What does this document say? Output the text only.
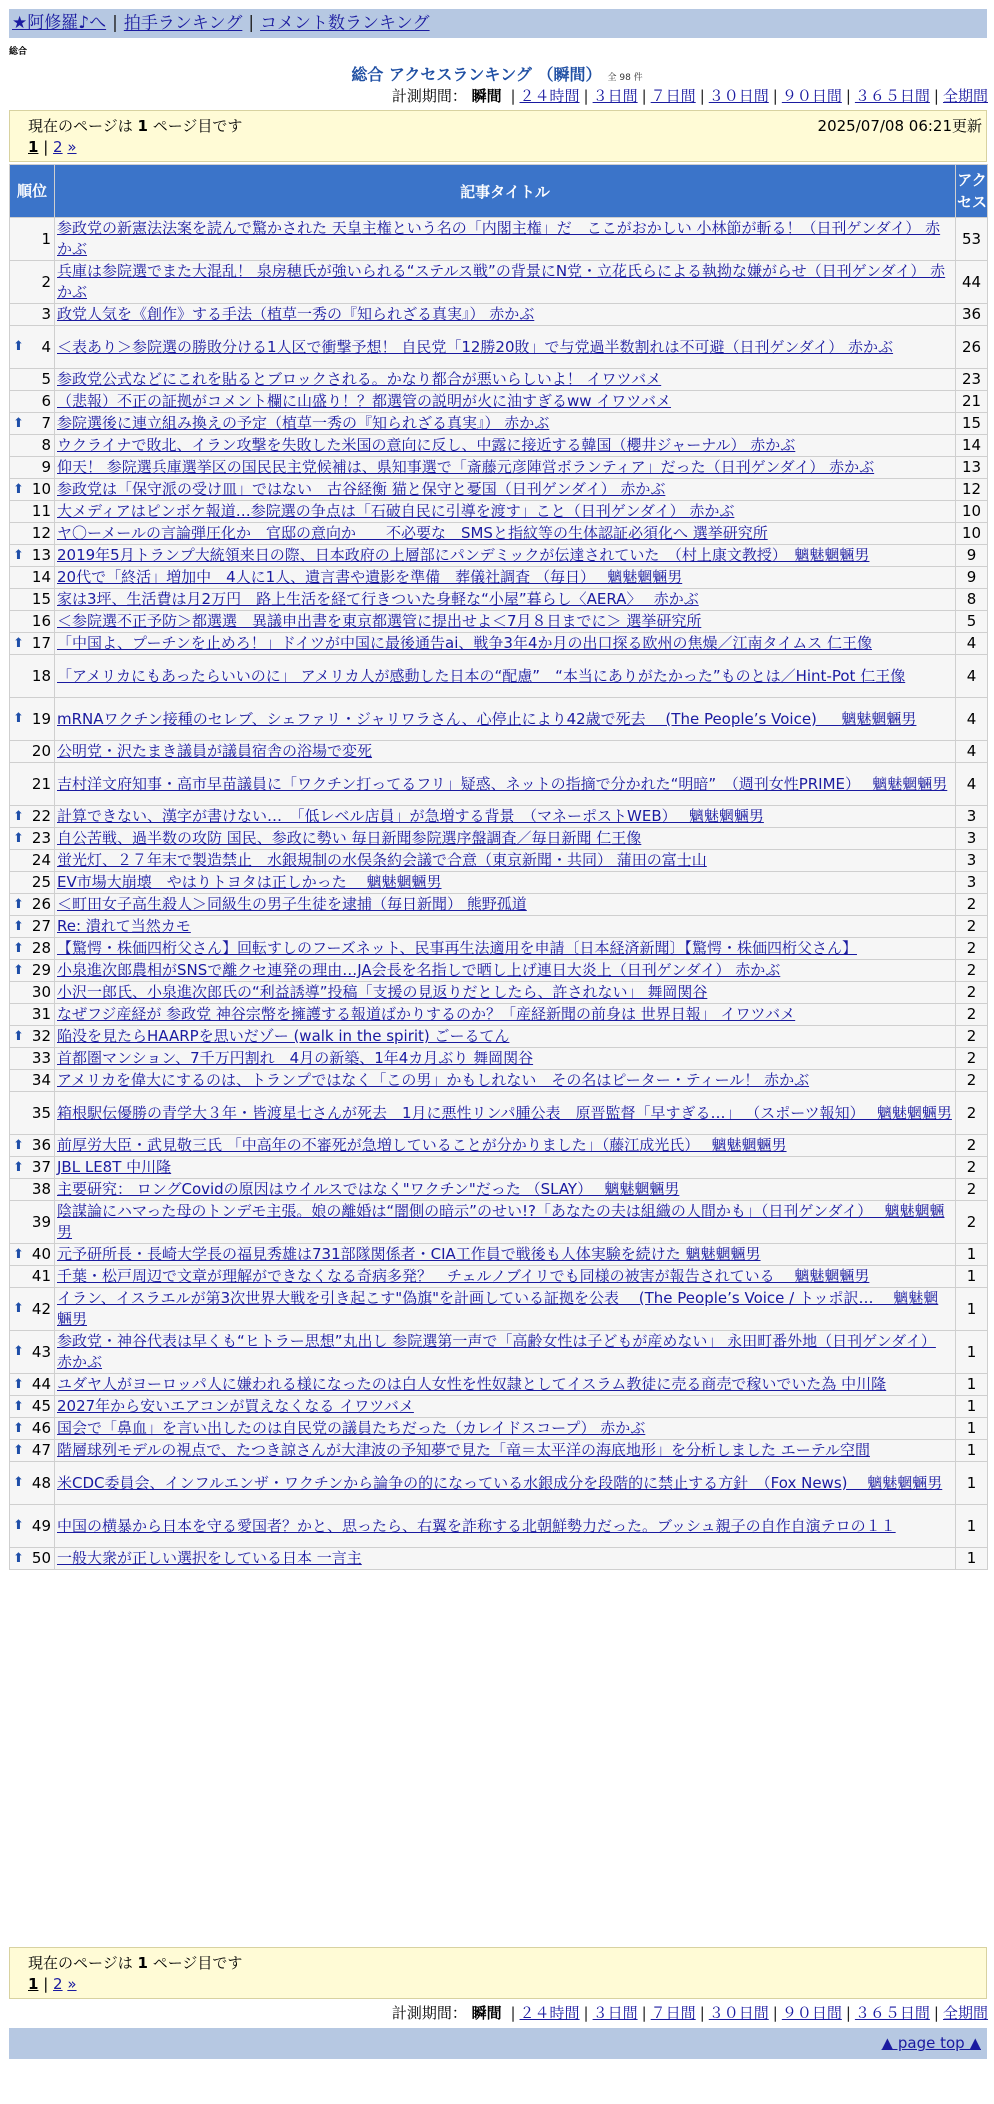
★阿修羅♪へ | 拍手ランキング | コメント数ランキング
総合
総合 アクセスランキング （瞬間） 全 98 件
計測期間： 瞬間 | ２４時間 | ３日間 | ７日間 | ３０日間 | ９０日間 | ３６５日間 | 全期間
現在のページは 1 ページ目です	2025/07/08 06:21更新
1 | 2 »
順位	記事タイトル	アクセス
1	参政党の新憲法法案を読んで驚かされた 天皇主権という名の「内閣主権」だ　ここがおかしい 小林節が斬る！（日刊ゲンダイ） 赤かぶ	53
2	兵庫は参院選でまた大混乱！ 泉房穂氏が強いられる“ステルス戦”の背景にN党・立花氏らによる執拗な嫌がらせ（日刊ゲンダイ） 赤かぶ	44
3	政党人気を《創作》する手法（植草一秀の『知られざる真実』） 赤かぶ	36

⬆ 4	＜表あり＞参院選の勝敗分ける1人区で衝撃予想！ 自民党「12勝20敗」で与党過半数割れは不可避（日刊ゲンダイ） 赤かぶ	26
5	参政党公式などにこれを貼るとブロックされる。かなり都合が悪いらしいよ！ イワツバメ	23
6	（悲報）不正の証拠がコメント欄に山盛り！？都選管の説明が火に油すぎるww イワツバメ	21

⬆ 7	参院選後に連立組み換えの予定（植草一秀の『知られざる真実』） 赤かぶ	15
8	ウクライナで敗北、イラン攻撃を失敗した米国の意向に反し、中露に接近する韓国（櫻井ジャーナル） 赤かぶ	14
9	仰天！ 参院選兵庫選挙区の国民民主党候補は、県知事選で「斎藤元彦陣営ボランティア」だった（日刊ゲンダイ） 赤かぶ	13

⬆ 10	参政党は「保守派の受け皿」ではない　古谷経衡 猫と保守と憂国（日刊ゲンダイ） 赤かぶ	12
11	大メディアはピンボケ報道…参院選の争点は「石破自民に引導を渡す」こと（日刊ゲンダイ） 赤かぶ	10
12	ヤ〇ーメールの言論弾圧化か　官邸の意向か　　不必要な　SMSと指紋等の生体認証必須化へ 選挙研究所	10

⬆ 13	2019年5月トランプ大統領来日の際、日本政府の上層部にパンデミックが伝達されていた　（村上康文教授）　魑魅魍魎男	9
14	20代で「終活」増加中　4人に1人、遺言書や遺影を準備　葬儀社調査 （毎日）　 魑魅魍魎男	9
15	家は3坪、生活費は月2万円　路上生活を経て行きついた身軽な“小屋”暮らし〈AERA〉　 赤かぶ	8
16	＜参院選不正予防＞都選選　異議申出書を東京都選管に提出せよ＜7月８日までに＞ 選挙研究所	5

⬆ 17	「中国よ、プーチンを止めろ！」ドイツが中国に最後通告ai、戦争3年4か月の出口探る欧州の焦燥／江南タイムス 仁王像	4
18	「アメリカにもあったらいいのに」 アメリカ人が感動した日本の“配慮”　“本当にありがたかった”ものとは／Hint-Pot 仁王像	4

⬆ 19	mRNAワクチン接種のセレブ、シェファリ・ジャリワラさん、心停止により42歳で死去　 (The People’s Voice) 　 魑魅魍魎男	4
20	公明党・沢たまき議員が議員宿舎の浴場で変死	4
21	吉村洋文府知事・高市早苗議員に「ワクチン打ってるフリ」疑惑、ネットの指摘で分かれた“明暗”　（週刊女性PRIME）　 魑魅魍魎男	4

⬆ 22	計算できない、漢字が書けない…　「低レベル店員」が急増する背景　（マネーポストWEB）　 魑魅魍魎男	3

⬆ 23	自公苦戦、過半数の攻防 国民、参政に勢い 毎日新聞参院選序盤調査／毎日新聞 仁王像	3
24	蛍光灯、２７年末で製造禁止　水銀規制の水俣条約会議で合意（東京新聞・共同） 蒲田の富士山	3
25	EV市場大崩壊　やはりトヨタは正しかった　 魑魅魍魎男	3

⬆ 26	＜町田女子高生殺人＞同級生の男子生徒を逮捕（毎日新聞） 熊野孤道	2

⬆ 27	Re: 潰れて当然カモ	2

⬆ 28	【驚愕・株価四桁父さん】回転すしのフーズネット、民事再生法適用を申請〔日本経済新聞〕【驚愕・株価四桁父さん】	2

⬆ 29	小泉進次郎農相がSNSで離クセ連発の理由…JA会長を名指しで晒し上げ連日大炎上（日刊ゲンダイ） 赤かぶ	2
30	小沢一郎氏、小泉進次郎氏の“利益誘導”投稿「支援の見返りだとしたら、許されない」 舞岡関谷	2
31	なぜフジ産経が 参政党 神谷宗幣を擁護する報道ばかりするのか？「産経新聞の前身は 世界日報」 イワツバメ	2

⬆ 32	陥没を見たらHAARPを思いだゾー (walk in the spirit) ごーるてん	2
33	首都圏マンション、7千万円割れ　4月の新築、1年4カ月ぶり 舞岡関谷	2
34	アメリカを偉大にするのは、トランプではなく「この男」かもしれない　その名はピーター・ティール！ 赤かぶ	2
35	箱根駅伝優勝の青学大３年・皆渡星七さんが死去　1月に悪性リンパ腫公表　原晋監督「早すぎる…」 （スポーツ報知）　 魑魅魍魎男	2

⬆ 36	前厚労大臣・武見敬三氏 「中高年の不審死が急増していることが分かりました」（藤江成光氏）　 魑魅魍魎男	2

⬆ 37	JBL LE8T 中川隆	2
38	主要研究： ロングCovidの原因はウイルスではなく"ワクチン"だった （SLAY）　 魑魅魍魎男	2
39	陰謀論にハマった母のトンデモ主張。娘の離婚は“闇側の暗示”のせい!?「あなたの夫は組織の人間かも」（日刊ゲンダイ）　 魑魅魍魎男	2

⬆ 40	元予研所長・長崎大学長の福見秀雄は731部隊関係者・CIA工作員で戦後も人体実験を続けた 魑魅魍魎男	1
41	千葉・松戸周辺で文章が理解ができなくなる奇病多発？　チェルノブイリでも同様の被害が報告されている　 魑魅魍魎男	1

⬆ 42	イラン、イスラエルが第3次世界大戦を引き起こす"偽旗"を計画している証拠を公表　 (The People’s Voice / トッポ訳…　 魑魅魍魎男	1

⬆ 43	参政党・神谷代表は早くも“ヒトラー思想”丸出し 参院選第一声で「高齢女性は子どもが産めない」 永田町番外地（日刊ゲンダイ） 赤かぶ	1

⬆ 44	ユダヤ人がヨーロッパ人に嫌われる様になったのは白人女性を性奴隷としてイスラム教徒に売る商売で稼いでいた為 中川隆	1

⬆ 45	2027年から安いエアコンが買えなくなる イワツバメ	1

⬆ 46	国会で「鼻血」を言い出したのは自民党の議員たちだった（カレイドスコープ） 赤かぶ	1

⬆ 47	階層球列モデルの視点で、たつき諒さんが大津波の予知夢で見た「竜＝太平洋の海底地形」を分析しました エーテル空間	1

⬆ 48	米CDC委員会、インフルエンザ・ワクチンから論争の的になっている水銀成分を段階的に禁止する方針　（Fox News)　 魑魅魍魎男	1

⬆ 49	中国の横暴から日本を守る愛国者？かと、思ったら、右翼を詐称する北朝鮮勢力だった。ブッシュ親子の自作自演テロの１１	1

⬆ 50	一般大衆が正しい選択をしている日本 一言主	1
現在のページは 1 ページ目です
1 | 2 »
計測期間： 瞬間 | ２４時間 | ３日間 | ７日間 | ３０日間 | ９０日間 | ３６５日間 | 全期間
▲ page top ▲
